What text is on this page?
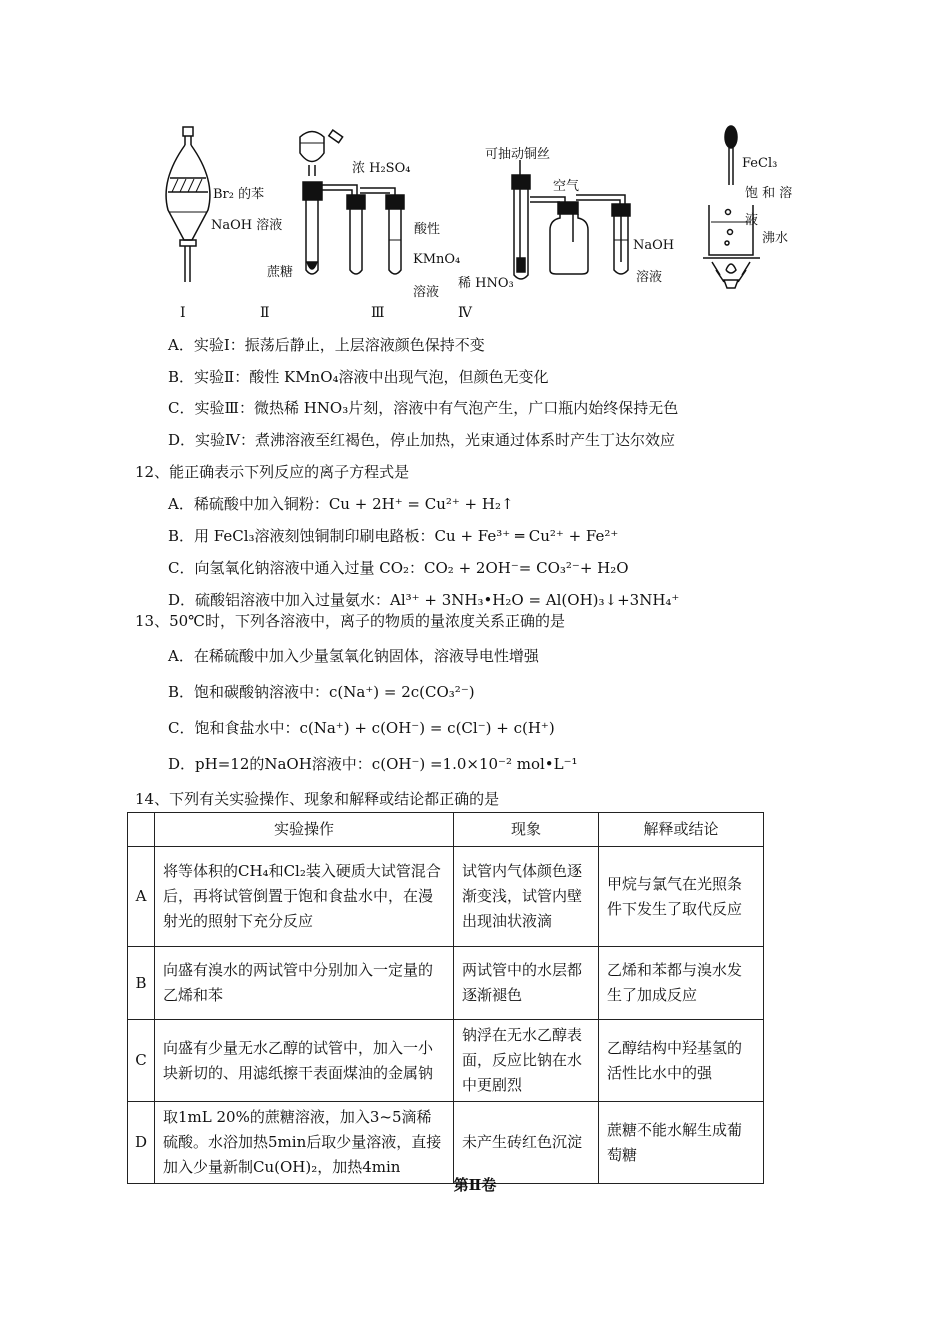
Br₂ 的苯
NaOH 溶液
浓 H₂SO₄
蔗糖
酸性
KMnO₄
溶液
可抽动铜丝
空气
稀 HNO₃
NaOH
溶液
FeCl₃
饱 和 溶
液
沸水
Ⅰ	Ⅱ	Ⅲ	Ⅳ
A．实验Ⅰ：振荡后静止，上层溶液颜色保持不变
B．实验Ⅱ：酸性 KMnO₄溶液中出现气泡，但颜色无变化
C．实验Ⅲ：微热稀 HNO₃片刻，溶液中有气泡产生，广口瓶内始终保持无色
D．实验Ⅳ：煮沸溶液至红褐色，停止加热，光束通过体系时产生丁达尔效应
12、能正确表示下列反应的离子方程式是
A．稀硫酸中加入铜粉：Cu + 2H⁺ = Cu²⁺ + H₂↑
B．用 FeCl₃溶液刻蚀铜制印刷电路板：Cu + Fe³⁺ ═ Cu²⁺ + Fe²⁺
C．向氢氧化钠溶液中通入过量 CO₂：CO₂ + 2OH⁻= CO₃²⁻+ H₂O
D．硫酸铝溶液中加入过量氨水：Al³⁺ + 3NH₃•H₂O = Al(OH)₃↓+3NH₄⁺
13、50℃时，下列各溶液中，离子的物质的量浓度关系正确的是
A．在稀硫酸中加入少量氢氧化钠固体，溶液导电性增强
B．饱和碳酸钠溶液中：c(Na⁺) = 2c(CO₃²⁻)
C．饱和食盐水中：c(Na⁺) + c(OH⁻) = c(Cl⁻) + c(H⁺)
D．pH=12的NaOH溶液中：c(OH⁻) =1.0×10⁻² mol•L⁻¹
14、下列有关实验操作、现象和解释或结论都正确的是
	实验操作	现象	解释或结论
A	将等体积的CH₄和Cl₂装入硬质大试管混合后，再将试管倒置于饱和食盐水中，在漫射光的照射下充分反应	试管内气体颜色逐渐变浅，试管内壁出现油状液滴	甲烷与氯气在光照条件下发生了取代反应
B	向盛有溴水的两试管中分别加入一定量的乙烯和苯	两试管中的水层都逐渐褪色	乙烯和苯都与溴水发生了加成反应
C	向盛有少量无水乙醇的试管中，加入一小块新切的、用滤纸擦干表面煤油的金属钠	钠浮在无水乙醇表面，反应比钠在水中更剧烈	乙醇结构中羟基氢的活性比水中的强
D	取1mL 20%的蔗糖溶液，加入3~5滴稀硫酸。水浴加热5min后取少量溶液，直接加入少量新制Cu(OH)₂，加热4min	未产生砖红色沉淀	蔗糖不能水解生成葡萄糖
第Ⅱ卷
